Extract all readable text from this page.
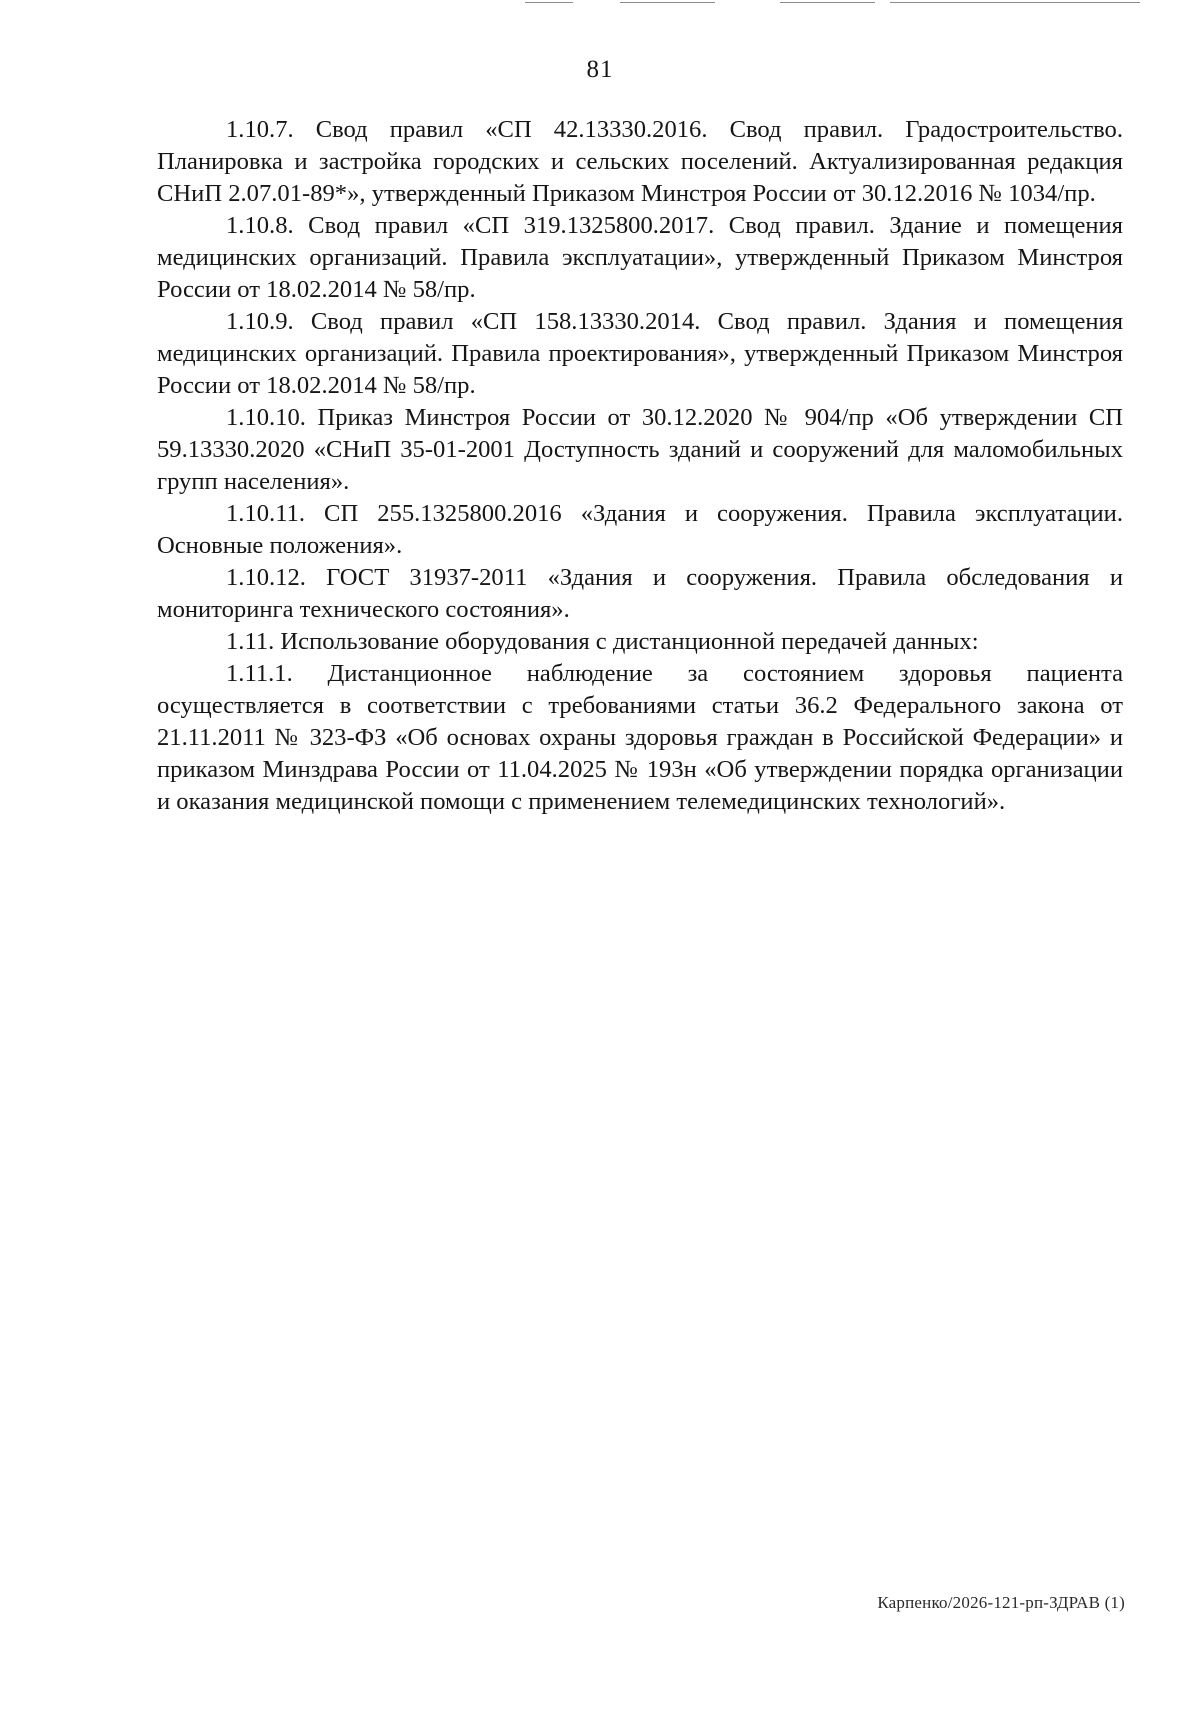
81

1.10.7. Свод правил «СП 42.13330.2016. Свод правил. Градостроительство. Планировка и застройка городских и сельских поселений. Актуализированная редакция СНиП 2.07.01-89*», утвержденный Приказом Минстроя России от 30.12.2016 № 1034/пр.

1.10.8. Свод правил «СП 319.1325800.2017. Свод правил. Здание и помещения медицинских организаций. Правила эксплуатации», утвержденный Приказом Минстроя России от 18.02.2014 № 58/пр.

1.10.9. Свод правил «СП 158.13330.2014. Свод правил. Здания и помещения медицинских организаций. Правила проектирования», утвержденный Приказом Минстроя России от 18.02.2014 № 58/пр.

1.10.10. Приказ Минстроя России от 30.12.2020 № 904/пр «Об утверждении СП 59.13330.2020 «СНиП 35-01-2001 Доступность зданий и сооружений для маломобильных групп населения».

1.10.11. СП 255.1325800.2016 «Здания и сооружения. Правила эксплуатации. Основные положения».

1.10.12. ГОСТ 31937-2011 «Здания и сооружения. Правила обследования и мониторинга технического состояния».

1.11. Использование оборудования с дистанционной передачей данных:

1.11.1. Дистанционное наблюдение за состоянием здоровья пациента осуществляется в соответствии с требованиями статьи 36.2 Федерального закона от 21.11.2011 № 323-ФЗ «Об основах охраны здоровья граждан в Российской Федерации» и приказом Минздрава России от 11.04.2025 № 193н «Об утверждении порядка организации и оказания медицинской помощи с применением телемедицинских технологий».

Карпенко/2026-121-рп-ЗДРАВ (1)
